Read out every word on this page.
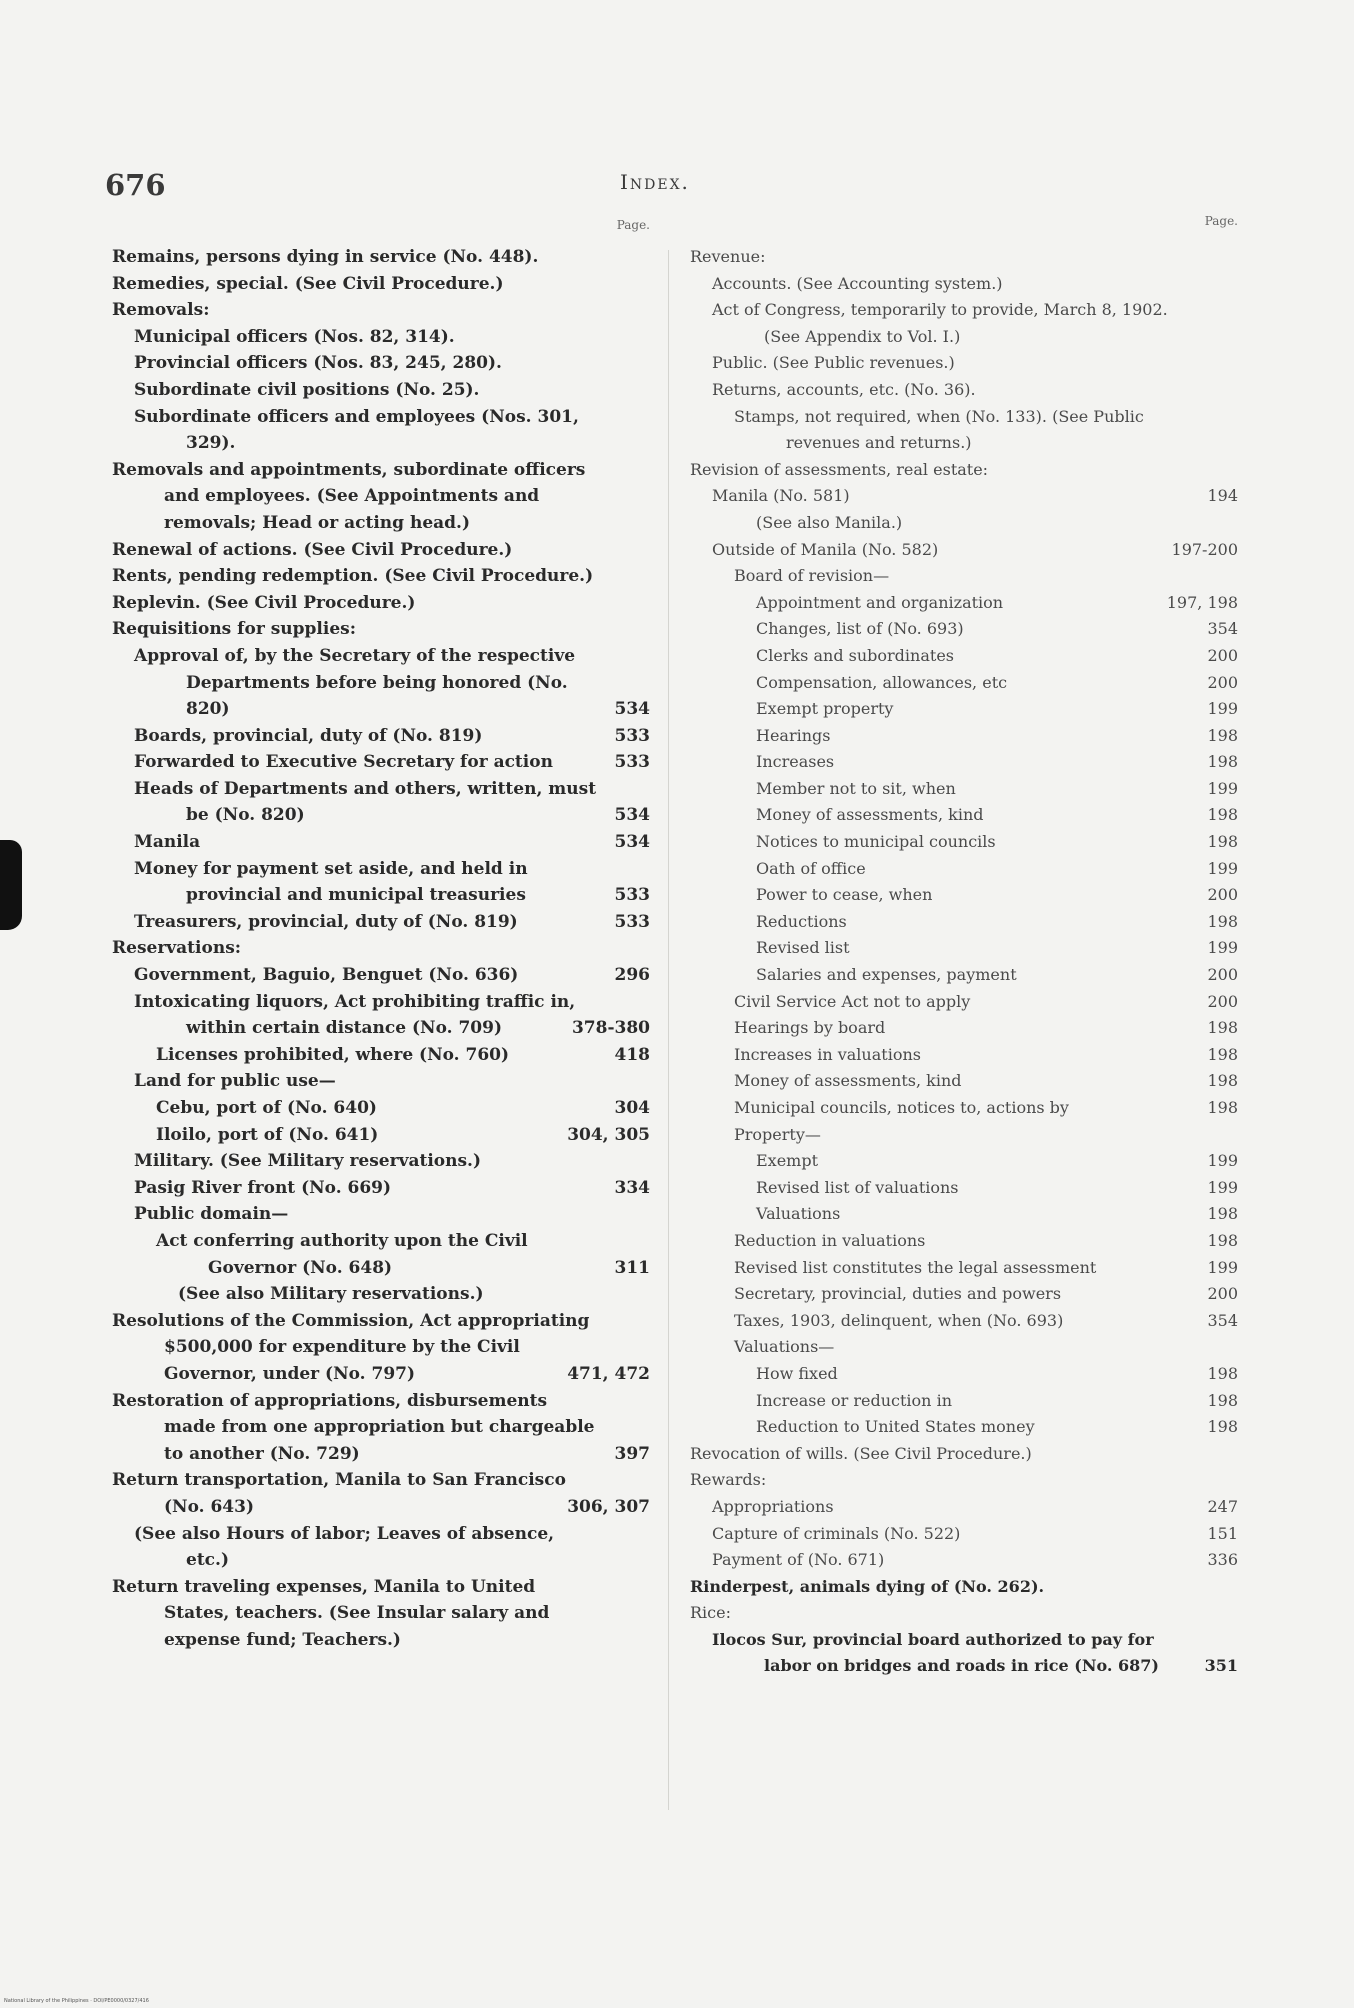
676	Index.
Page.
Remains, persons dying in service (No. 448).
Remedies, special. (See Civil Procedure.)
Removals:
Municipal officers (Nos. 82, 314).
Provincial officers (Nos. 83, 245, 280).
Subordinate civil positions (No. 25).
Subordinate officers and employees (Nos. 301, 329).
Removals and appointments, subordinate officers and employees. (See Appointments and removals; Head or acting head.)
Renewal of actions. (See Civil Procedure.)
Rents, pending redemption. (See Civil Procedure.)
Replevin. (See Civil Procedure.)
Requisitions for supplies:
Approval of, by the Secretary of the respective Departments before being honored (No. 820)	534
Boards, provincial, duty of (No. 819)	533
Forwarded to Executive Secretary for action	533
Heads of Departments and others, written, must be (No. 820)	534
Manila	534
Money for payment set aside, and held in provincial and municipal treasuries	533
Treasurers, provincial, duty of (No. 819)	533
Reservations:
Government, Baguio, Benguet (No. 636)	296
Intoxicating liquors, Act prohibiting traffic in, within certain distance (No. 709)	378-380
Licenses prohibited, where (No. 760)	418
Land for public use—
Cebu, port of (No. 640)	304
Iloilo, port of (No. 641)	304, 305
Military. (See Military reservations.)
Pasig River front (No. 669)	334
Public domain—
Act conferring authority upon the Civil Governor (No. 648)	311
(See also Military reservations.)
Resolutions of the Commission, Act appropriating $500,000 for expenditure by the Civil Governor, under (No. 797)	471, 472
Restoration of appropriations, disbursements made from one appropriation but chargeable to another (No. 729)	397
Return transportation, Manila to San Francisco (No. 643)	306, 307
(See also Hours of labor; Leaves of absence, etc.)
Return traveling expenses, Manila to United States, teachers. (See Insular salary and expense fund; Teachers.)
Page.
Revenue:
Accounts. (See Accounting system.)
Act of Congress, temporarily to provide, March 8, 1902. (See Appendix to Vol. I.)
Public. (See Public revenues.)
Returns, accounts, etc. (No. 36).
Stamps, not required, when (No. 133). (See Public revenues and returns.)
Revision of assessments, real estate:
Manila (No. 581)	194
(See also Manila.)
Outside of Manila (No. 582)	197-200
Board of revision—
Appointment and organization	197, 198
Changes, list of (No. 693)	354
Clerks and subordinates	200
Compensation, allowances, etc	200
Exempt property	199
Hearings	198
Increases	198
Member not to sit, when	199
Money of assessments, kind	198
Notices to municipal councils	198
Oath of office	199
Power to cease, when	200
Reductions	198
Revised list	199
Salaries and expenses, payment	200
Civil Service Act not to apply	200
Hearings by board	198
Increases in valuations	198
Money of assessments, kind	198
Municipal councils, notices to, actions by	198
Property—
Exempt	199
Revised list of valuations	199
Valuations	198
Reduction in valuations	198
Revised list constitutes the legal assessment	199
Secretary, provincial, duties and powers	200
Taxes, 1903, delinquent, when (No. 693)	354
Valuations—
How fixed	198
Increase or reduction in	198
Reduction to United States money	198
Revocation of wills. (See Civil Procedure.)
Rewards:
Appropriations	247
Capture of criminals (No. 522)	151
Payment of (No. 671)	336
Rinderpest, animals dying of (No. 262).
Rice:
Ilocos Sur, provincial board authorized to pay for labor on bridges and roads in rice (No. 687)	351
National Library of the Philippines · DOI/PE0000/0327/416
